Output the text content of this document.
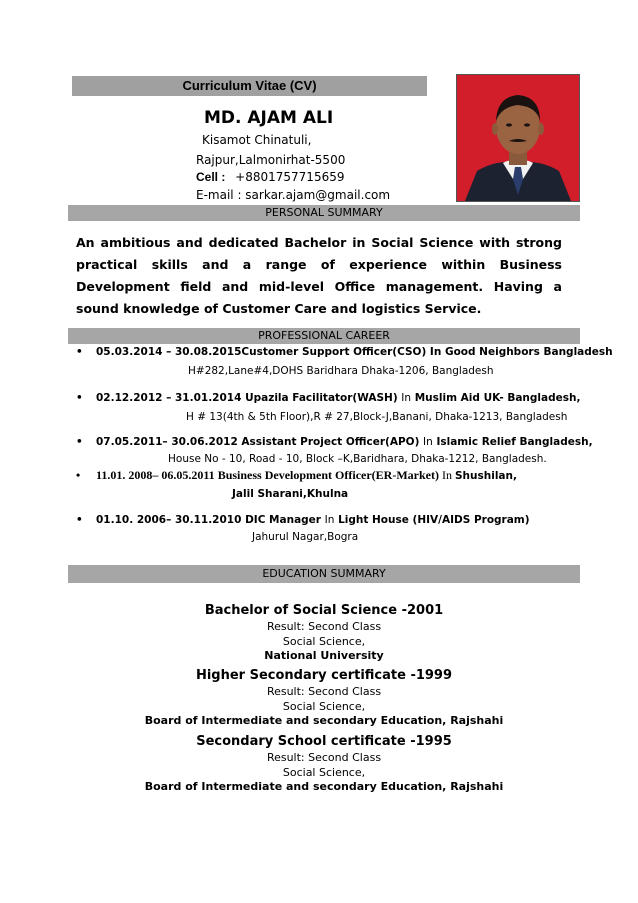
Curriculum Vitae (CV)
MD. AJAM ALI
Kisamot Chinatuli,
Rajpur,Lalmonirhat-5500
Cell : +8801757715659
E-mail : sarkar.ajam@gmail.com
PERSONAL SUMMARY
An ambitious and dedicated Bachelor in Social Science with strong practical skills and a range of experience within Business Development field and mid-level Office management. Having a sound knowledge of Customer Care and logistics Service.
PROFESSIONAL CAREER
• 05.03.2014 – 30.08.2015Customer Support Officer(CSO) In Good Neighbors Bangladesh
H#282,Lane#4,DOHS Baridhara Dhaka-1206, Bangladesh
• 02.12.2012 – 31.01.2014 Upazila Facilitator(WASH) In Muslim Aid UK- Bangladesh,
H # 13(4th & 5th Floor),R # 27,Block-J,Banani, Dhaka-1213, Bangladesh
• 07.05.2011– 30.06.2012 Assistant Project Officer(APO) In Islamic Relief Bangladesh,
House No - 10, Road - 10, Block –K,Baridhara, Dhaka-1212, Bangladesh.
• 11.01. 2008– 06.05.2011 Business Development Officer(ER-Market) In Shushilan,
Jalil Sharani,Khulna
• 01.10. 2006– 30.11.2010 DIC Manager In Light House (HIV/AIDS Program)
Jahurul Nagar,Bogra
EDUCATION SUMMARY
Bachelor of Social Science -2001
Result: Second Class
Social Science,
National University
Higher Secondary certificate -1999
Result: Second Class
Social Science,
Board of Intermediate and secondary Education, Rajshahi
Secondary School certificate -1995
Result: Second Class
Social Science,
Board of Intermediate and secondary Education, Rajshahi
